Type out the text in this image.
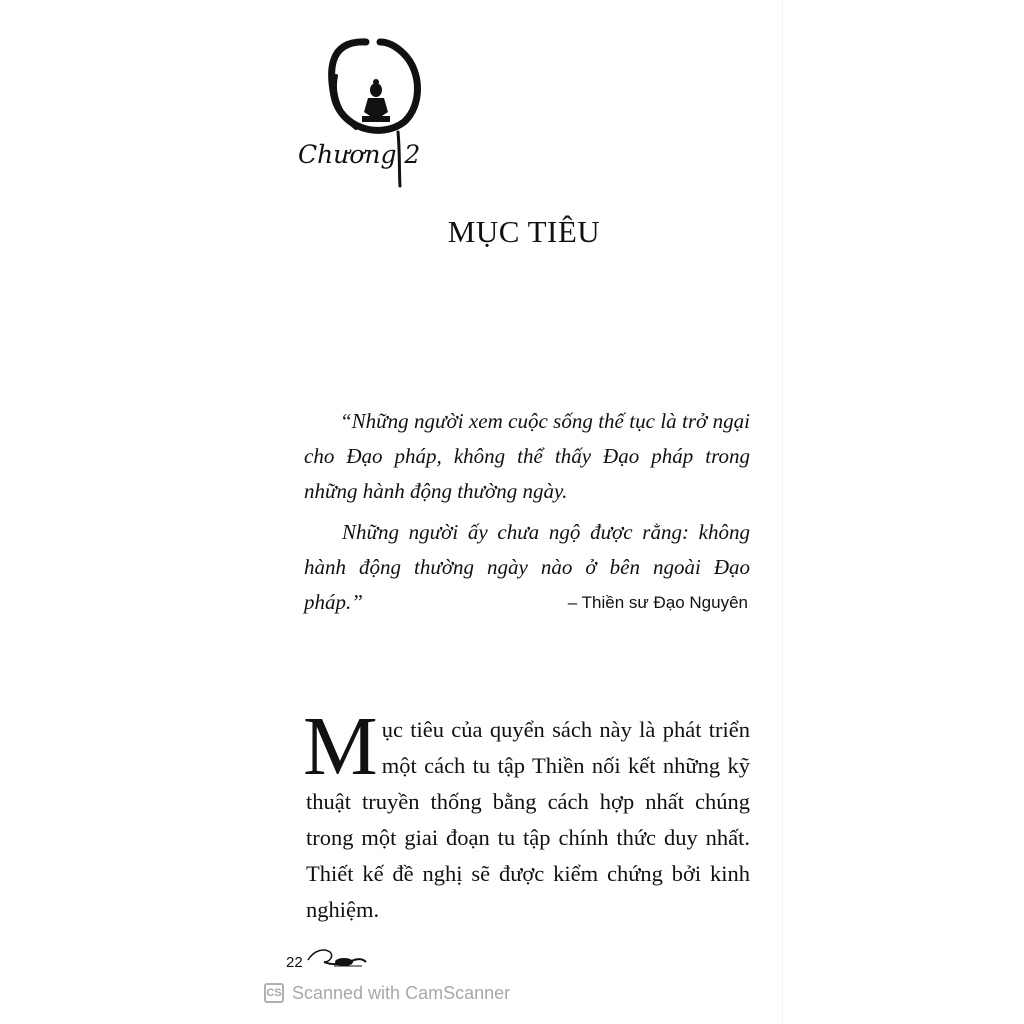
Chương 2
MỤC TIÊU

“Những người xem cuộc sống thế tục là trở ngại cho Đạo pháp, không thể thấy Đạo pháp trong những hành động thường ngày.

Những người ấy chưa ngộ được rằng: không hành động thường ngày nào ở bên ngoài Đạo pháp.”	– Thiền sư Đạo Nguyên
M ục tiêu của quyển sách này là phát triển một cách tu tập Thiền nối kết những kỹ thuật truyền thống bằng cách hợp nhất chúng trong một giai đoạn tu tập chính thức duy nhất. Thiết kế đề nghị sẽ được kiểm chứng bởi kinh nghiệm.
22
CS Scanned with CamScanner
